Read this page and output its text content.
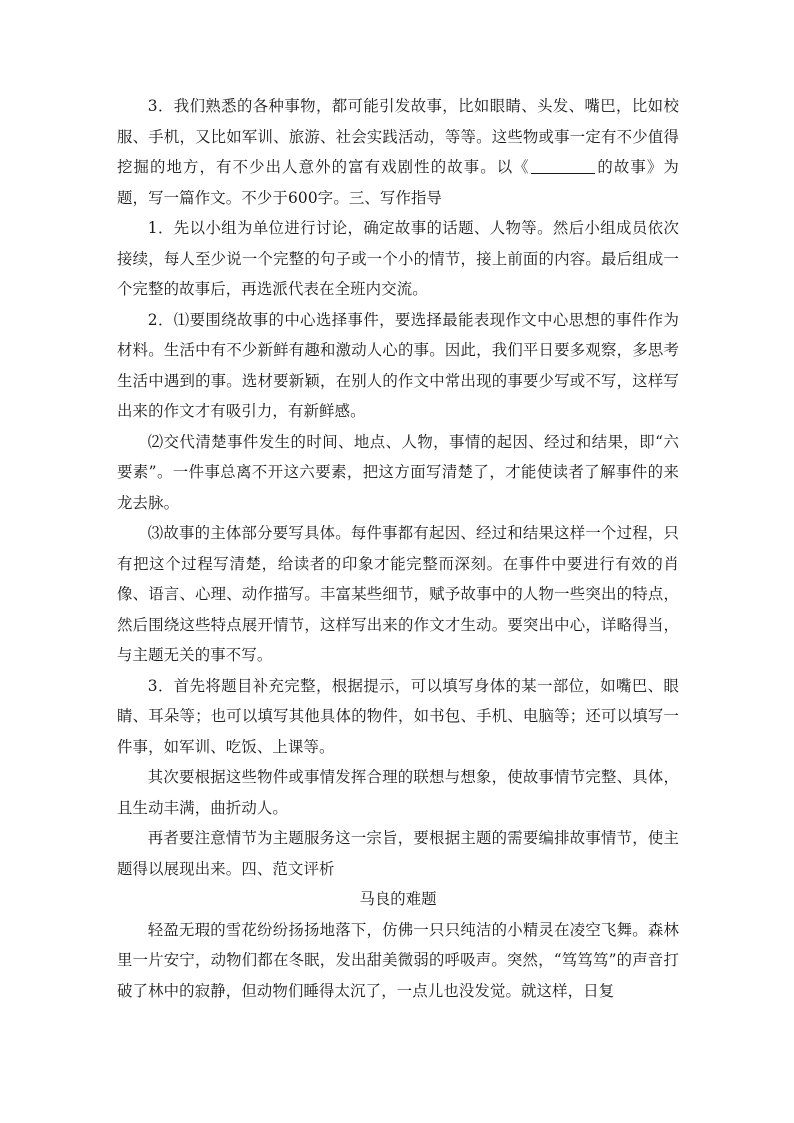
3．我们熟悉的各种事物，都可能引发故事，比如眼睛、头发、嘴巴，比如校服、手机，又比如军训、旅游、社会实践活动，等等。这些物或事一定有不少值得挖掘的地方，有不少出人意外的富有戏剧性的故事。以《	的故事》为题，写一篇作文。不少于600字。三、写作指导

1．先以小组为单位进行讨论，确定故事的话题、人物等。然后小组成员依次接续，每人至少说一个完整的句子或一个小的情节，接上前面的内容。最后组成一个完整的故事后，再选派代表在全班内交流。

2．⑴要围绕故事的中心选择事件，要选择最能表现作文中心思想的事件作为材料。生活中有不少新鲜有趣和激动人心的事。因此，我们平日要多观察，多思考生活中遇到的事。选材要新颖，在别人的作文中常出现的事要少写或不写，这样写出来的作文才有吸引力，有新鲜感。

⑵交代清楚事件发生的时间、地点、人物，事情的起因、经过和结果，即“六要素”。一件事总离不开这六要素，把这方面写清楚了，才能使读者了解事件的来龙去脉。

⑶故事的主体部分要写具体。每件事都有起因、经过和结果这样一个过程，只有把这个过程写清楚，给读者的印象才能完整而深刻。在事件中要进行有效的肖像、语言、心理、动作描写。丰富某些细节，赋予故事中的人物一些突出的特点，然后围绕这些特点展开情节，这样写出来的作文才生动。要突出中心，详略得当，与主题无关的事不写。

3．首先将题目补充完整，根据提示，可以填写身体的某一部位，如嘴巴、眼睛、耳朵等；也可以填写其他具体的物件，如书包、手机、电脑等；还可以填写一件事，如军训、吃饭、上课等。

其次要根据这些物件或事情发挥合理的联想与想象，使故事情节完整、具体，且生动丰满，曲折动人。

再者要注意情节为主题服务这一宗旨，要根据主题的需要编排故事情节，使主题得以展现出来。四、范文评析

马良的难题

轻盈无瑕的雪花纷纷扬扬地落下，仿佛一只只纯洁的小精灵在凌空飞舞。森林里一片安宁，动物们都在冬眠，发出甜美微弱的呼吸声。突然，“笃笃笃”的声音打破了林中的寂静，但动物们睡得太沉了，一点儿也没发觉。就这样，日复
